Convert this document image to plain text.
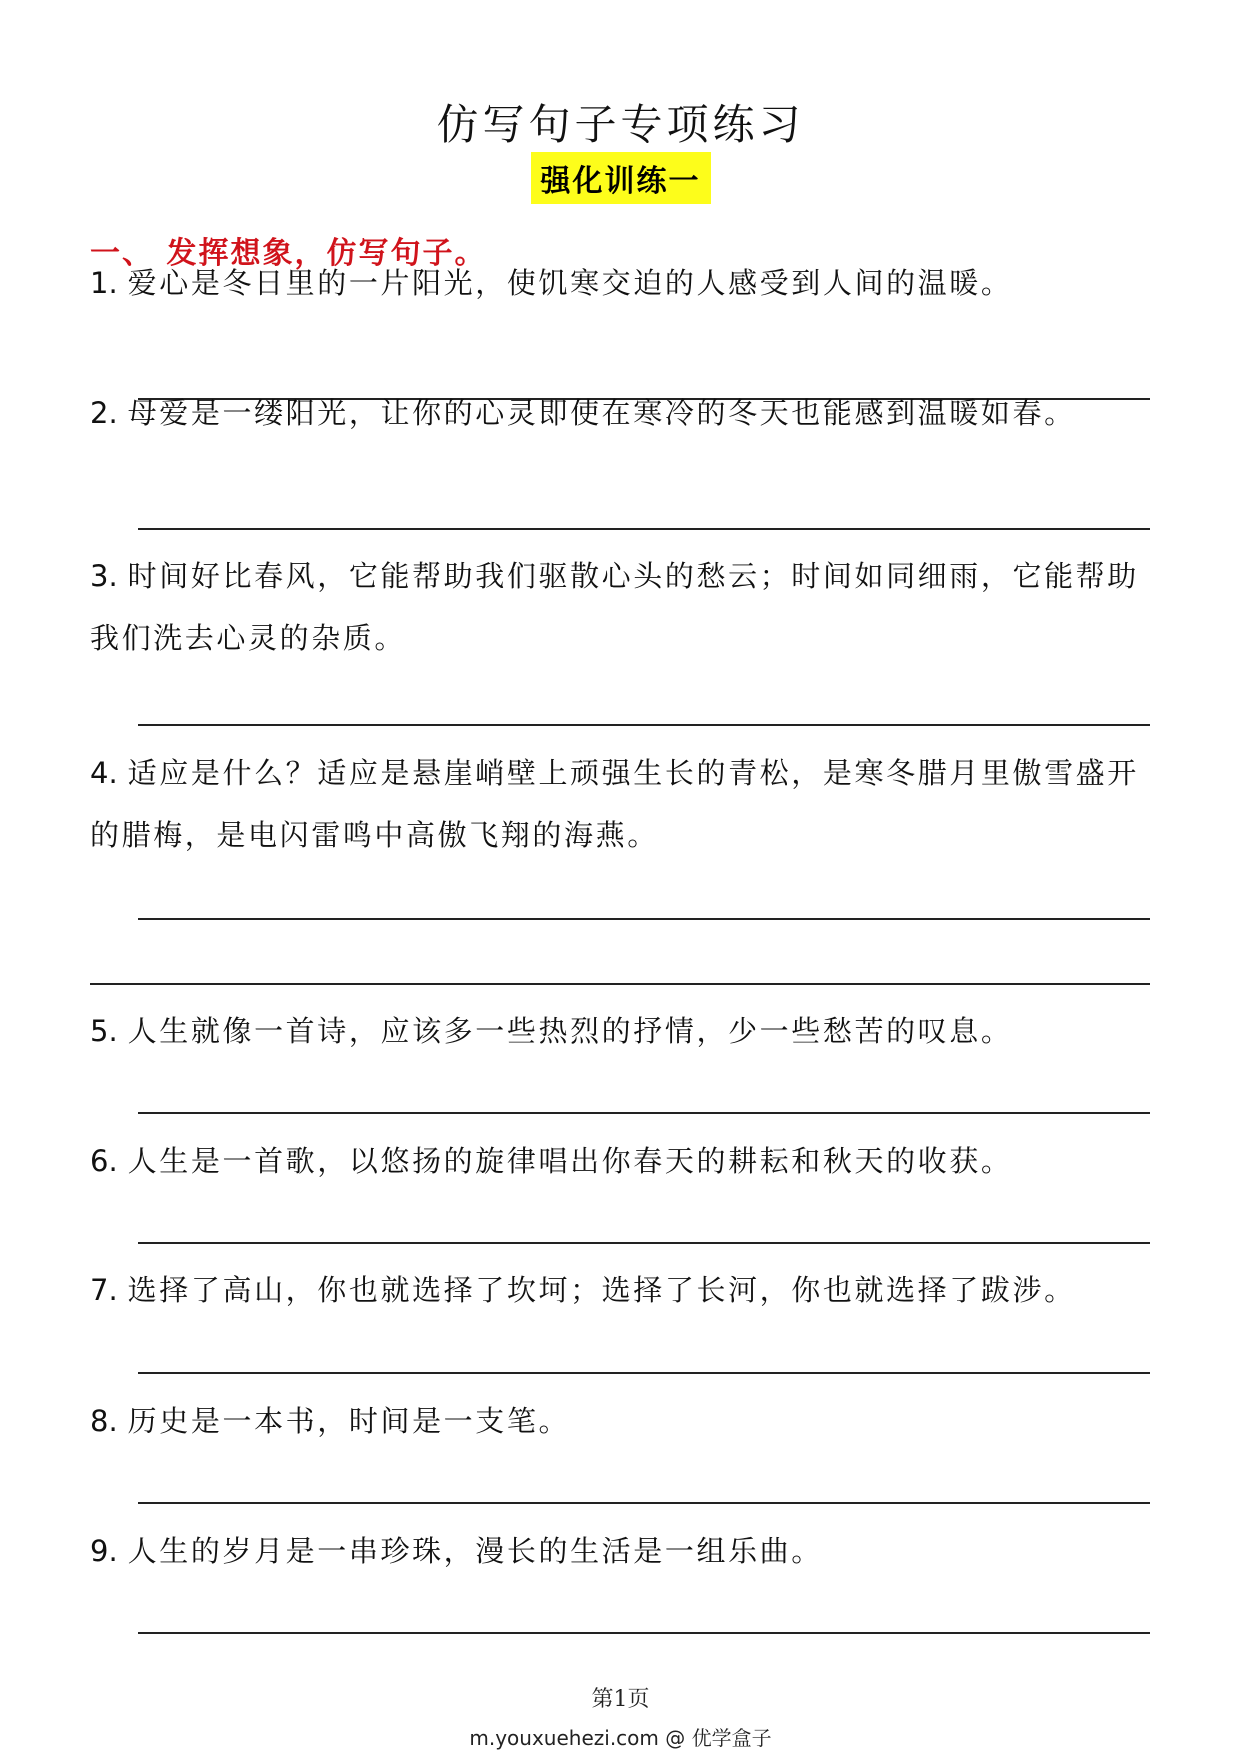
仿写句子专项练习
强化训练一
一、 发挥想象，仿写句子。
1. 爱心是冬日里的一片阳光，使饥寒交迫的人感受到人间的温暖。
2. 母爱是一缕阳光，让你的心灵即使在寒冷的冬天也能感到温暖如春。
3. 时间好比春风，它能帮助我们驱散心头的愁云；时间如同细雨，它能帮助我们洗去心灵的杂质。
4. 适应是什么？适应是悬崖峭壁上顽强生长的青松，是寒冬腊月里傲雪盛开的腊梅，是电闪雷鸣中高傲飞翔的海燕。
5. 人生就像一首诗，应该多一些热烈的抒情，少一些愁苦的叹息。
6. 人生是一首歌，以悠扬的旋律唱出你春天的耕耘和秋天的收获。
7. 选择了高山，你也就选择了坎坷；选择了长河，你也就选择了跋涉。
8. 历史是一本书，时间是一支笔。
9. 人生的岁月是一串珍珠，漫长的生活是一组乐曲。
第1页
m.youxuehezi.com @ 优学盒子
